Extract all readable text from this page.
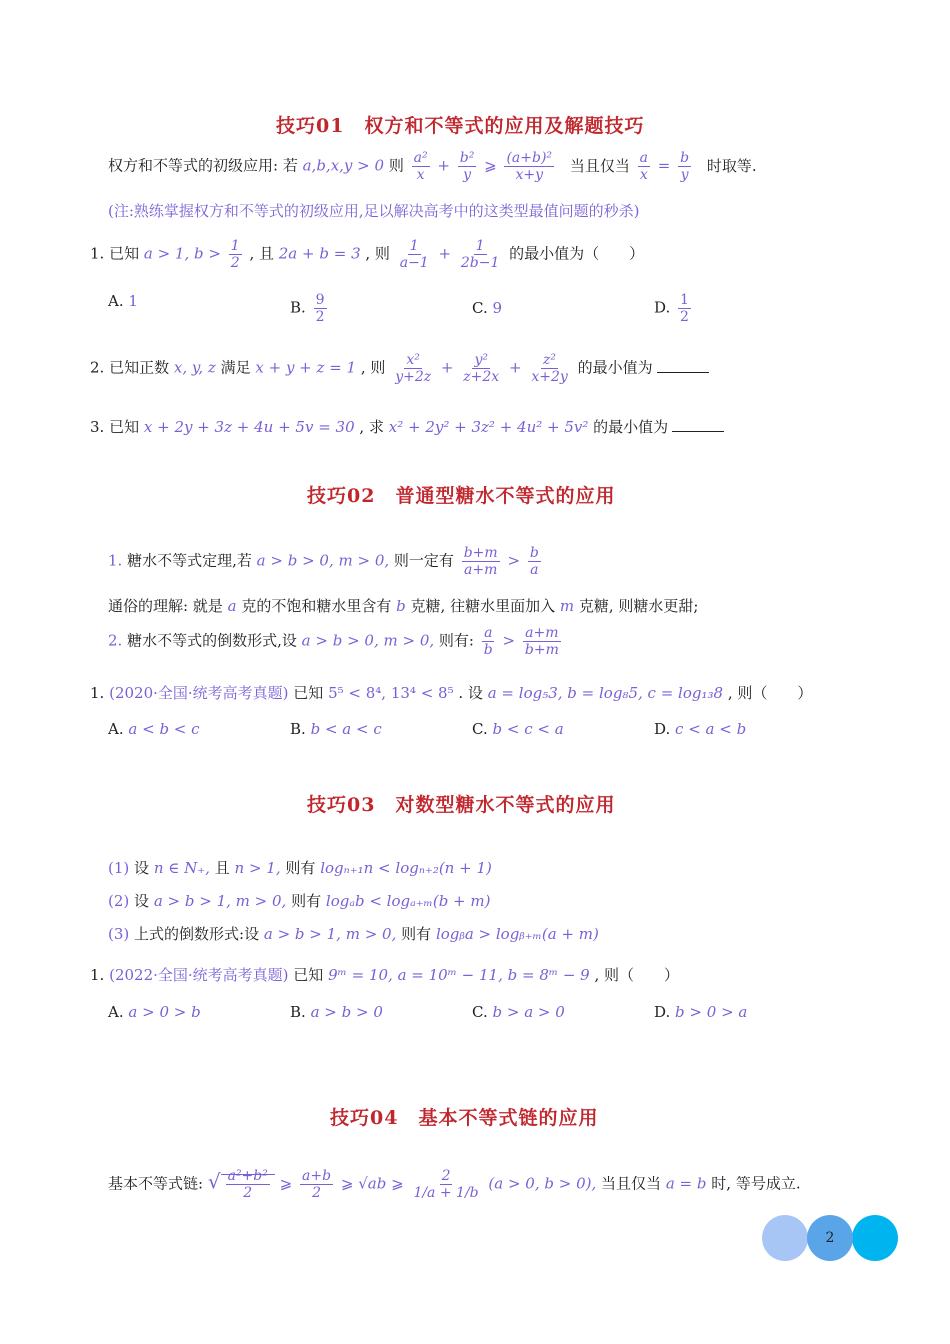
技巧01　权方和不等式的应用及解题技巧
权方和不等式的初级应用: 若 a,b,x,y > 0 则 $\frac{\text{a²}}{x} + \frac{\text{b²}}{y}$ ⩾ $\frac{\text{(a+b)²}}{x+y}$ 当且仅当 $\frac{a}{x} = \frac{b}{y}$ 时取等.
(注:熟练掌握权方和不等式的初级应用,足以解决高考中的这类型最值问题的秒杀)
1. 已知 a > 1, $b > \frac{1}{2}$ , 且 2a + b = 3 , 则 $\frac{1}{a-1} + \frac{1}{2b-1}$ 的最小值为（　　）
A. 1	B. $\frac{9}{2}$	C. 9	D. $\frac{1}{2}$
2. 已知正数 x, y, z 满足 x + y + z = 1 , 则 $\frac{\text{x²}}{y+2z} + \frac{\text{y²}}{z+2x} + \frac{\text{z²}}{x+2y}$ 的最小值为
3. 已知 x + 2y + 3z + 4u + 5v = 30 , 求 x² + 2y² + 3z² + 4u² + 5v² 的最小值为
技巧02　普通型糖水不等式的应用
1. 糖水不等式定理,若 a > b > 0, m > 0, 则一定有 $\frac{b+m}{a+m} > \frac{b}{a}$
通俗的理解: 就是 a 克的不饱和糖水里含有 b 克糖, 往糖水里面加入 m 克糖, 则糖水更甜;
2. 糖水不等式的倒数形式,设 a > b > 0, m > 0, 则有: $\frac{a}{b} > \frac{a+m}{b+m}$
1. (2020·全国·统考高考真题) 已知 5⁵ < 8⁴, 13⁴ < 8⁵ . 设 a = log₅3, b = log₈5, c = log₁₃8 , 则（　　）
A. a < b < c	B. b < a < c	C. b < c < a	D. c < a < b
技巧03　对数型糖水不等式的应用
(1) 设 n ∈ N₊, 且 n > 1, 则有 logₙ₊₁n < logₙ₊₂(n + 1)
(2) 设 a > b > 1, m > 0, 则有 logₐb < logₐ₊ₘ(b + m)
(3) 上式的倒数形式:设 a > b > 1, m > 0, 则有 logᵦa > logᵦ₊ₘ(a + m)
1. (2022·全国·统考高考真题) 已知 9ᵐ = 10, a = 10ᵐ − 11, b = 8ᵐ − 9 , 则（　　）
A. a > 0 > b	B. a > b > 0	C. b > a > 0	D. b > 0 > a
技巧04　基本不等式链的应用
基本不等式链: √ $\frac{\text{a²+b²}}{2}$ ⩾ $\frac{a+b}{2}$ ⩾ √ab ⩾ $\frac{2}{1/a + 1/b} (a > 0$, b > 0), 当且仅当 a = b 时, 等号成立.
2
